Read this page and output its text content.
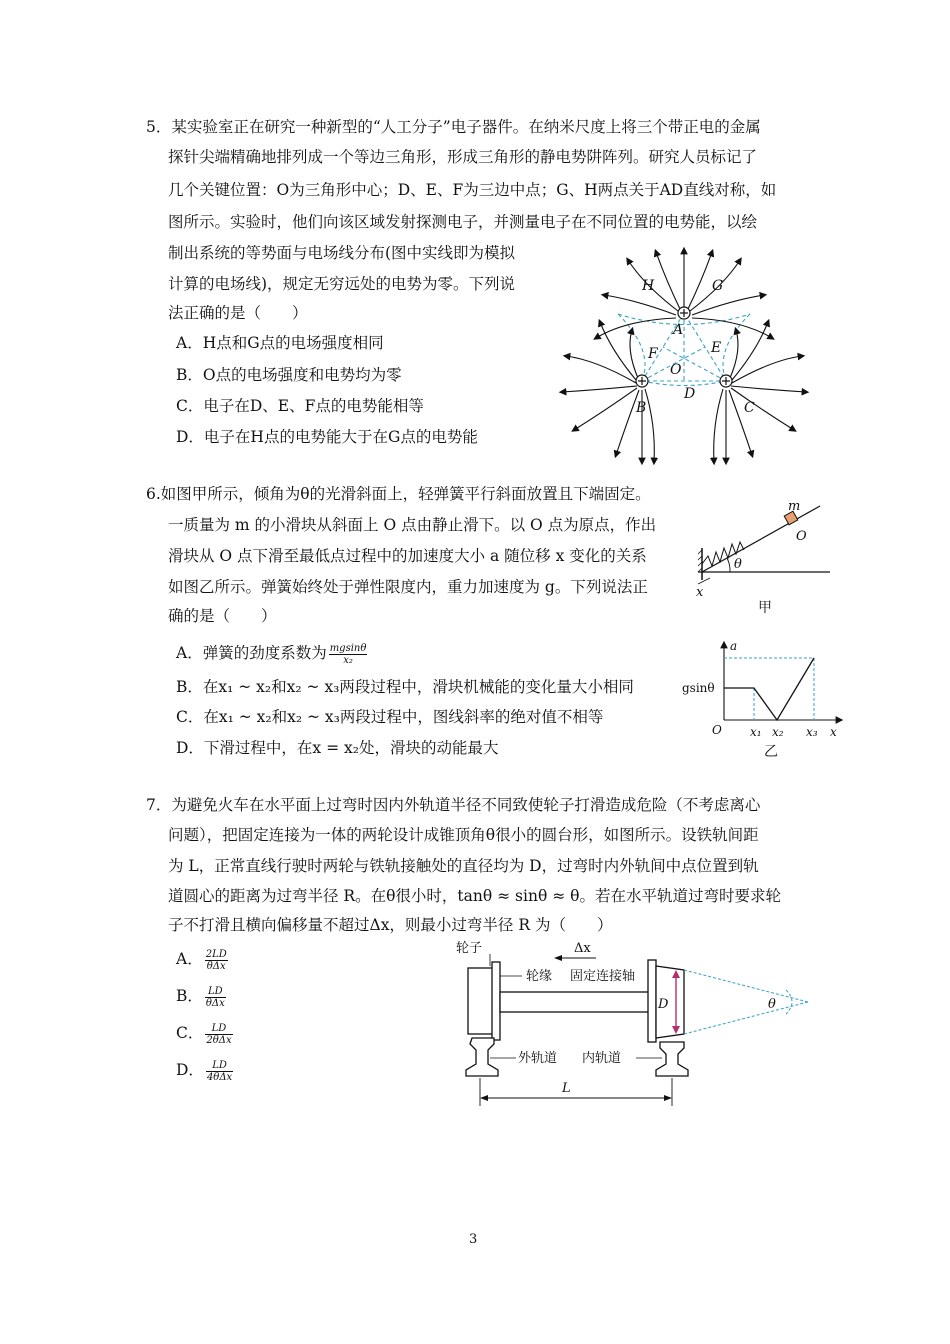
5．某实验室正在研究一种新型的“人工分子”电子器件。在纳米尺度上将三个带正电的金属
探针尖端精确地排列成一个等边三角形，形成三角形的静电势阱阵列。研究人员标记了
几个关键位置：O为三角形中心；D、E、F为三边中点；G、H两点关于AD直线对称，如
图所示。实验时，他们向该区域发射探测电子，并测量电子在不同位置的电势能，以绘
制出系统的等势面与电场线分布(图中实线即为模拟
计算的电场线)，规定无穷远处的电势为零。下列说
法正确的是（　　）
A．H点和G点的电场强度相同
B．O点的电场强度和电势均为零
C．电子在D、E、F点的电势能相等
D．电子在H点的电势能大于在G点的电势能
H	G
A
F	E
O
D
B	C
6.如图甲所示，倾角为θ的光滑斜面上，轻弹簧平行斜面放置且下端固定。
一质量为 m 的小滑块从斜面上 O 点由静止滑下。以 O 点为原点，作出
滑块从 O 点下滑至最低点过程中的加速度大小 a 随位移 x 变化的关系
如图乙所示。弹簧始终处于弹性限度内，重力加速度为 g。下列说法正
确的是（　　）
A．弹簧的劲度系数为 $\frac{mgsin\theta}{\text{x₂}}$
B．在x₁ ~ x₂和x₂ ~ x₃两段过程中，滑块机械能的变化量大小相同
C．在x₁ ~ x₂和x₂ ~ x₃两段过程中，图线斜率的绝对值不相等
D．下滑过程中，在x = x₂处，滑块的动能最大
m
O
θ
x
甲
a
gsinθ
O x₁ x₂ x₃ x
乙
7．为避免火车在水平面上过弯时因内外轨道半径不同致使轮子打滑造成危险（不考虑离心
问题），把固定连接为一体的两轮设计成锥顶角θ很小的圆台形，如图所示。设铁轨间距
为 L，正常直线行驶时两轮与铁轨接触处的直径均为 D，过弯时内外轨间中点位置到轨
道圆心的距离为过弯半径 R。在θ很小时，tanθ ≈ sinθ ≈ θ。若在水平轨道过弯时要求轮
子不打滑且横向偏移量不超过Δx，则最小过弯半径 R 为（　　）
A． $\frac{2LD}{\text{θΔx}}$
B． $\frac{LD}{\text{θΔx}}$
C． $\frac{LD}{\text{2θΔx}}$
D． $\frac{LD}{\text{4θΔx}}$
轮子	Δx
轮缘 固定连接轴
D	θ
外轨道 内轨道
L
3
